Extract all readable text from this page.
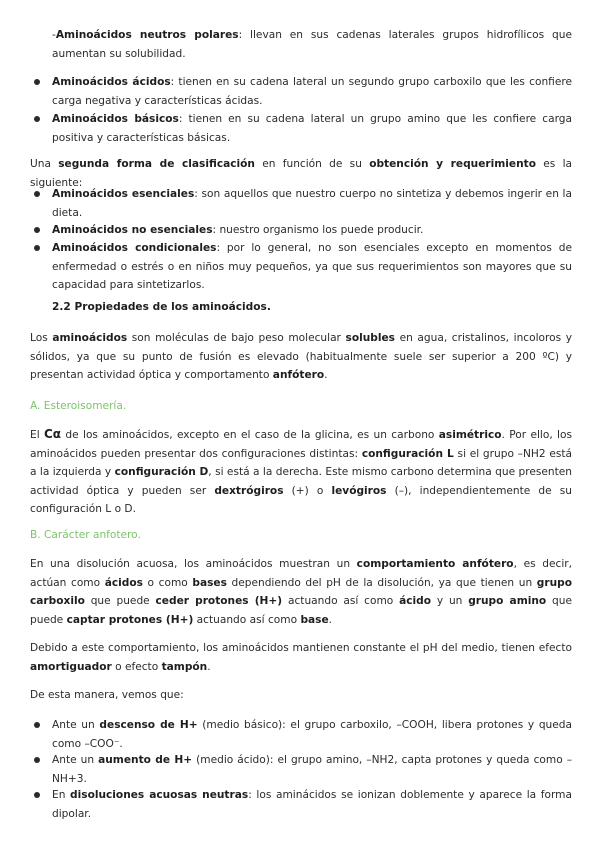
-Aminoácidos neutros polares: llevan en sus cadenas laterales grupos hidrofílicos que aumentan su solubilidad.
Aminoácidos ácidos: tienen en su cadena lateral un segundo grupo carboxilo que les confiere carga negativa y características ácidas.
Aminoácidos básicos: tienen en su cadena lateral un grupo amino que les confiere carga positiva y características básicas.
Una segunda forma de clasificación en función de su obtención y requerimiento es la siguiente:
Aminoácidos esenciales: son aquellos que nuestro cuerpo no sintetiza y debemos ingerir en la dieta.
Aminoácidos no esenciales: nuestro organismo los puede producir.
Aminoácidos condicionales: por lo general, no son esenciales excepto en momentos de enfermedad o estrés o en niños muy pequeños, ya que sus requerimientos son mayores que su capacidad para sintetizarlos.
2.2 Propiedades de los aminoácidos.
Los aminoácidos son moléculas de bajo peso molecular solubles en agua, cristalinos, incoloros y sólidos, ya que su punto de fusión es elevado (habitualmente suele ser superior a 200 ºC) y presentan actividad óptica y comportamento anfótero.
A. Esteroisomería.
El Cα de los aminoácidos, excepto en el caso de la glicina, es un carbono asimétrico. Por ello, los aminoácidos pueden presentar dos configuraciones distintas: configuración L si el grupo –NH2 está a la izquierda y configuración D, si está a la derecha. Este mismo carbono determina que presenten actividad óptica y pueden ser dextrógiros (+) o levógiros (–), independientemente de su configuración L o D.
B. Carácter anfotero.
En una disolución acuosa, los aminoácidos muestran un comportamiento anfótero, es decir, actúan como ácidos o como bases dependiendo del pH de la disolución, ya que tienen un grupo carboxilo que puede ceder protones (H+) actuando así como ácido y un grupo amino que puede captar protones (H+) actuando así como base.
Debido a este comportamiento, los aminoácidos mantienen constante el pH del medio, tienen efecto amortiguador o efecto tampón.
De esta manera, vemos que:
Ante un descenso de H+ (medio básico): el grupo carboxilo, –COOH, libera protones y queda como –COO⁻.
Ante un aumento de H+ (medio ácido): el grupo amino, –NH2, capta protones y queda como –NH+3.
En disoluciones acuosas neutras: los aminácidos se ionizan doblemente y aparece la forma dipolar.
